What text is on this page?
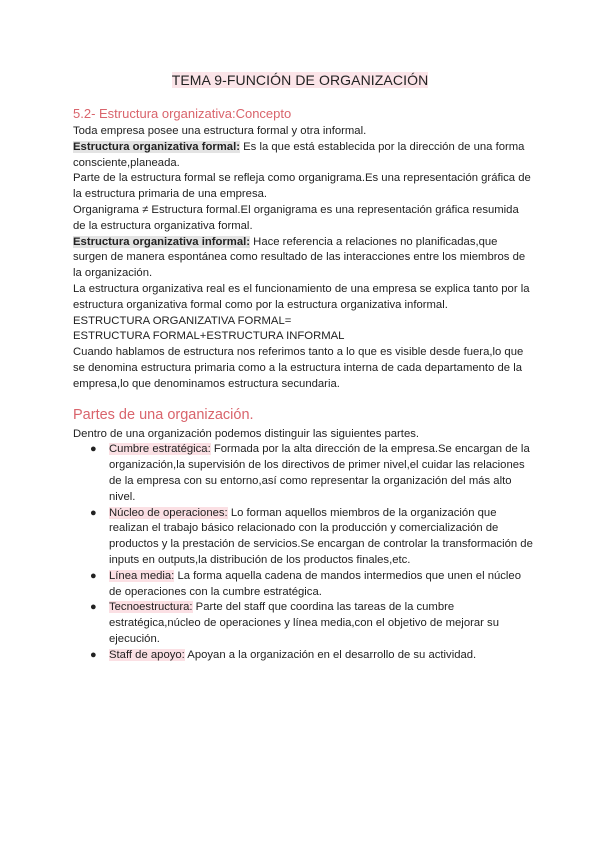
TEMA 9-FUNCIÓN DE ORGANIZACIÓN
5.2- Estructura organizativa:Concepto

Toda empresa posee una estructura formal y otra informal.

Estructura organizativa formal: Es la que está establecida por la dirección de una forma consciente,planeada.

Parte de la estructura formal se refleja como organigrama.Es una representación gráfica de la estructura primaria de una empresa.

Organigrama ≠ Estructura formal.El organigrama es una representación gráfica resumida de la estructura organizativa formal.

Estructura organizativa informal: Hace referencia a relaciones no planificadas,que surgen de manera espontánea como resultado de las interacciones entre los miembros de la organización.

La estructura organizativa real es el funcionamiento de una empresa se explica tanto por la estructura organizativa formal como por la estructura organizativa informal.

ESTRUCTURA ORGANIZATIVA FORMAL=

ESTRUCTURA FORMAL+ESTRUCTURA INFORMAL

Cuando hablamos de estructura nos referimos tanto a lo que es visible desde fuera,lo que se denomina estructura primaria como a la estructura interna de cada departamento de la empresa,lo que denominamos estructura secundaria.

Partes de una organización.

Dentro de una organización podemos distinguir las siguientes partes.

● Cumbre estratégica: Formada por la alta dirección de la empresa.Se encargan de la organización,la supervisión de los directivos de primer nivel,el cuidar las relaciones de la empresa con su entorno,así como representar la organización del más alto nivel.
● Núcleo de operaciones: Lo forman aquellos miembros de la organización que realizan el trabajo básico relacionado con la producción y comercialización de productos y la prestación de servicios.Se encargan de controlar la transformación de inputs en outputs,la distribución de los productos finales,etc.
● Línea media: La forma aquella cadena de mandos intermedios que unen el núcleo de operaciones con la cumbre estratégica.
● Tecnoestructura: Parte del staff que coordina las tareas de la cumbre estratégica,núcleo de operaciones y línea media,con el objetivo de mejorar su ejecución.
● Staff de apoyo: Apoyan a la organización en el desarrollo de su actividad.
